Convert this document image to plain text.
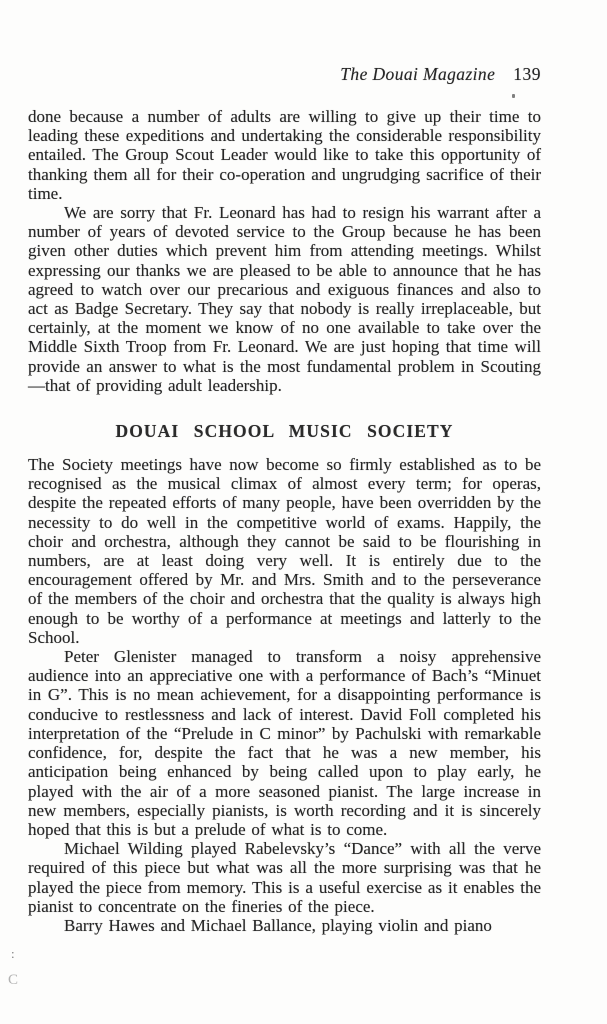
The Douai Magazine 139

done because a number of adults are willing to give up their time to leading these expeditions and undertaking the considerable responsibility entailed. The Group Scout Leader would like to take this opportunity of thanking them all for their co-operation and ungrudging sacrifice of their time.

We are sorry that Fr. Leonard has had to resign his warrant after a number of years of devoted service to the Group because he has been given other duties which prevent him from attending meetings. Whilst expressing our thanks we are pleased to be able to announce that he has agreed to watch over our precarious and exiguous finances and also to act as Badge Secretary. They say that nobody is really irreplaceable, but certainly, at the moment we know of no one available to take over the Middle Sixth Troop from Fr. Leonard. We are just hoping that time will provide an answer to what is the most fundamental problem in Scouting—that of providing adult leadership.

DOUAI SCHOOL MUSIC SOCIETY

The Society meetings have now become so firmly established as to be recognised as the musical climax of almost every term; for operas, despite the repeated efforts of many people, have been overridden by the necessity to do well in the competitive world of exams. Happily, the choir and orchestra, although they cannot be said to be flourishing in numbers, are at least doing very well. It is entirely due to the encouragement offered by Mr. and Mrs. Smith and to the perseverance of the members of the choir and orchestra that the quality is always high enough to be worthy of a performance at meetings and latterly to the School.

Peter Glenister managed to transform a noisy apprehensive audience into an appreciative one with a performance of Bach’s “Minuet in G”. This is no mean achievement, for a disappointing performance is conducive to restlessness and lack of interest. David Foll completed his interpretation of the “Prelude in C minor” by Pachulski with remarkable confidence, for, despite the fact that he was a new member, his anticipation being enhanced by being called upon to play early, he played with the air of a more seasoned pianist. The large increase in new members, especially pianists, is worth recording and it is sincerely hoped that this is but a prelude of what is to come.

Michael Wilding played Rabelevsky’s “Dance” with all the verve required of this piece but what was all the more surprising was that he played the piece from memory. This is a useful exercise as it enables the pianist to concentrate on the fineries of the piece.

Barry Hawes and Michael Ballance, playing violin and piano

:
C
